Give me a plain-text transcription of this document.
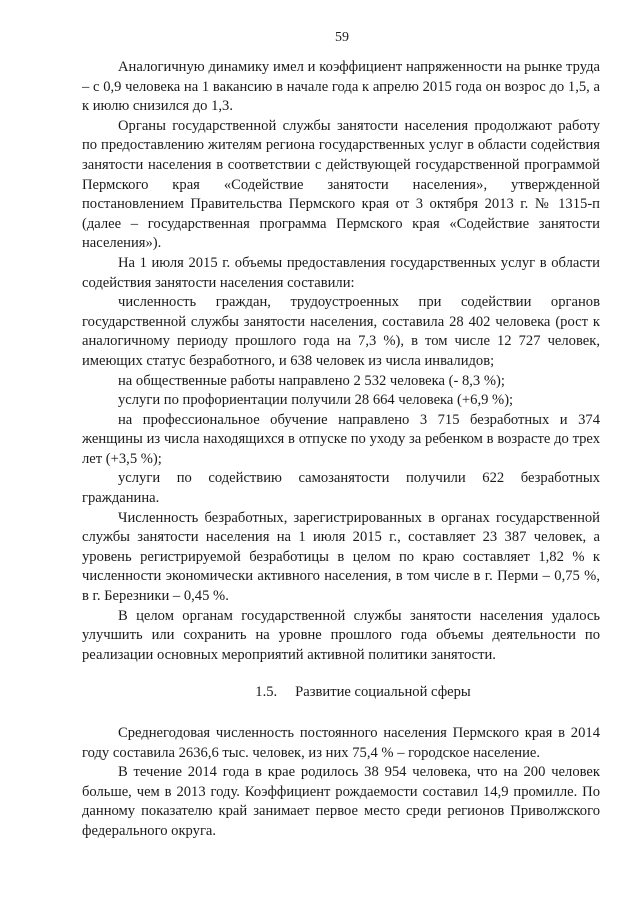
59

Аналогичную динамику имел и коэффициент напряженности на рынке труда – с 0,9 человека на 1 вакансию в начале года к апрелю 2015 года он возрос до 1,5, а к июлю снизился до 1,3.

Органы государственной службы занятости населения продолжают работу по предоставлению жителям региона государственных услуг в области содействия занятости населения в соответствии с действующей государственной программой Пермского края «Содействие занятости населения», утвержденной постановлением Правительства Пермского края от 3 октября 2013 г. № 1315-п (далее – государственная программа Пермского края «Содействие занятости населения»).

На 1 июля 2015 г. объемы предоставления государственных услуг в области содействия занятости населения составили:

численность граждан, трудоустроенных при содействии органов государственной службы занятости населения, составила 28 402 человека (рост к аналогичному периоду прошлого года на 7,3 %), в том числе 12 727 человек, имеющих статус безработного, и 638 человек из числа инвалидов;

на общественные работы направлено 2 532 человека (- 8,3 %);

услуги по профориентации получили 28 664 человека (+6,9 %);

на профессиональное обучение направлено 3 715 безработных и 374 женщины из числа находящихся в отпуске по уходу за ребенком в возрасте до трех лет (+3,5 %);

услуги по содействию самозанятости получили 622 безработных гражданина.

Численность безработных, зарегистрированных в органах государственной службы занятости населения на 1 июля 2015 г., составляет 23 387 человек, а уровень регистрируемой безработицы в целом по краю составляет 1,82 % к численности экономически активного населения, в том числе в г. Перми – 0,75 %, в г. Березники – 0,45 %.

В целом органам государственной службы занятости населения удалось улучшить или сохранить на уровне прошлого года объемы деятельности по реализации основных мероприятий активной политики занятости.

1.5. Развитие социальной сферы

Среднегодовая численность постоянного населения Пермского края в 2014 году составила 2636,6 тыс. человек, из них 75,4 % – городское население.

В течение 2014 года в крае родилось 38 954 человека, что на 200 человек больше, чем в 2013 году. Коэффициент рождаемости составил 14,9 промилле. По данному показателю край занимает первое место среди регионов Приволжского федерального округа.
